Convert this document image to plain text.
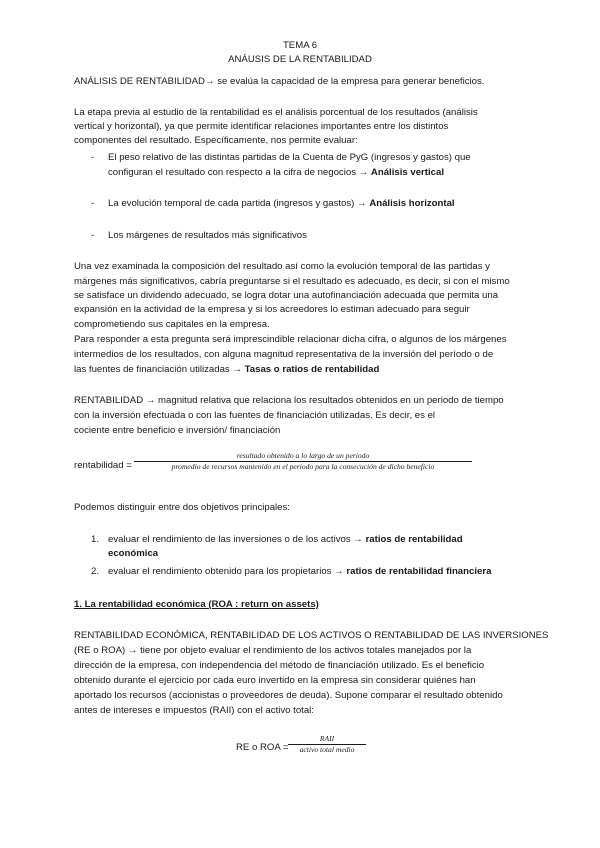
TEMA 6
ANÁUSIS DE LA RENTABILIDAD
ANÁLISIS DE RENTABILIDAD→ se evalúa la capacidad de la empresa para generar beneficios.
La etapa previa al estudio de la rentabilidad es el análisis porcentual de los resultados (análisis
vertical y horizontal), ya que permite identificar relaciones importantes entre los distintos
componentes del resultado. Específicamente, nos permite evaluar:
- El peso relativo de las distintas partidas de la Cuenta de PyG (ingresos y gastos) que
configuran el resultado con respecto a la cifra de negocios → Análisis vertical
- La evolución temporal de cada partida (ingresos y gastos) → Análisis horizontal
- Los márgenes de resultados más significativos
Una vez examinada la composición del resultado así como la evolución temporal de las partidas y
márgenes más significativos, cabría preguntarse si el resultado es adecuado, es decir, si con el mismo
se satisface un dividendo adecuado, se logra dotar una autofinanciación adecuada que permita una
expansión en la actividad de la empresa y si los acreedores lo estiman adecuado para seguir
comprometiendo sus capitales en la empresa.
Para responder a esta pregunta será imprescindible relacionar dicha cifra, o algunos de los márgenes
intermedios de los resultados, con alguna magnitud representativa de la inversión del período o de
las fuentes de financiación utilizadas → Tasas o ratios de rentabilidad
RENTABILIDAD → magnitud relativa que relaciona los resultados obtenidos en un periodo de tiempo
con la inversión efectuada o con las fuentes de financiación utilizadas. Es decir, es el
cociente entre beneficio e inversión/ financiación
rentabilidad =
resultado obtenido a lo largo de un periodo
promedio de recursos mantenido en el periodo para la consecución de dicho beneficio
Podemos distinguir entre dos objetivos principales:
1. evaluar el rendimiento de las inversiones o de los activos → ratios de rentabilidad
económica
2. evaluar el rendimiento obtenido para los propietarios → ratios de rentabilidad financiera
1. La rentabilidad económica (ROA : return on assets)
RENTABILIDAD ECONÓMICA, RENTABILIDAD DE LOS ACTIVOS O RENTABILIDAD DE LAS INVERSIONES
(RE o ROA) → tiene por objeto evaluar el rendimiento de los activos totales manejados por la
dirección de la empresa, con independencia del método de financiación utilizado. Es el beneficio
obtenido durante el ejercicio por cada euro invertido en la empresa sin considerar quiénes han
aportado los recursos (accionistas o proveedores de deuda). Supone comparar el resultado obtenido
antes de intereses e impuestos (RAII) con el activo total:
RE o ROA =
RAII
activo total medio
